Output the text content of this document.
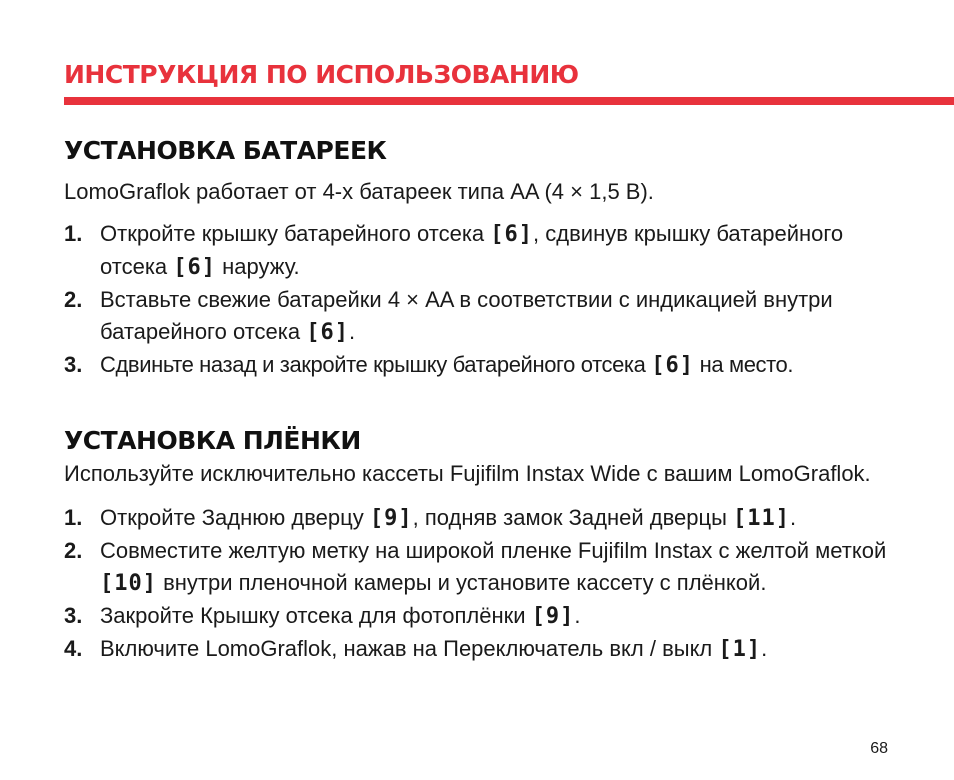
ИНСТРУКЦИЯ ПО ИСПОЛЬЗОВАНИЮ
УСТАНОВКА БАТАРЕЕК

LomoGraflok работает от 4-х батареек типа AA (4 × 1,5 В).

1. Откройте крышку батарейного отсека [6], сдвинув крышку батарейного отсека [6] наружу.
2. Вставьте свежие батарейки 4 × AA в соответствии с индикацией внутри батарейного отсека [6].
3. Сдвиньте назад и закройте крышку батарейного отсека [6] на место.
УСТАНОВКА ПЛЁНКИ

Используйте исключительно кассеты Fujifilm Instax Wide с вашим LomoGraflok.

1. Откройте Заднюю дверцу [9], подняв замок Задней дверцы [11].
2. Совместите желтую метку на широкой пленке Fujifilm Instax с желтой меткой [10] внутри пленочной камеры и установите кассету с плёнкой.
3. Закройте Крышку отсека для фотоплёнки [9].
4. Включите LomoGraflok, нажав на Переключатель вкл / выкл [1].
68
